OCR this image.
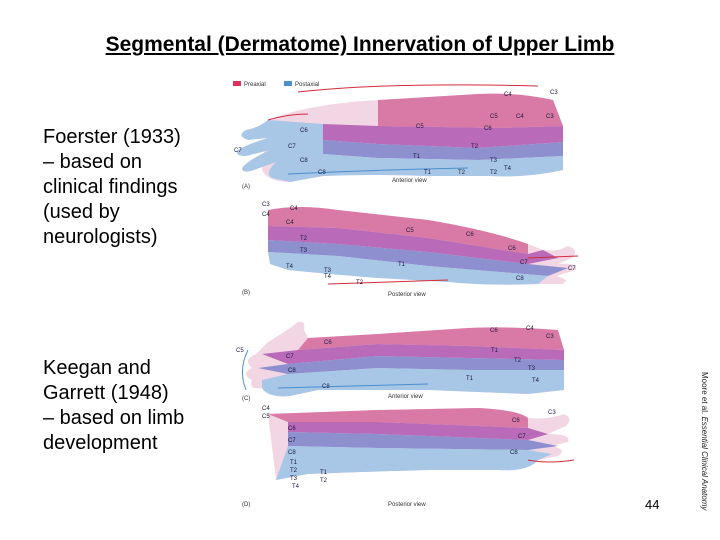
Segmental (Dermatome) Innervation of Upper Limb
Foerster (1933)
– based on
clinical findings
(used by
neurologists)
Keegan and
Garrett (1948)
– based on limb
development
44
Moore et al. Essential Clinical Anatomy
Preaxial	Postaxial
C6
C7
C8
C8
C5
T1
T2
T3
T4
T2
C5	C4	C3
C4	C3
C7
T1	T2
C6
Anterior view
(A)
C3
C4
C4
C4
C5
C6
C6
C7
C7
T2
T3
T4	T1
T2
C8
T3
T4
Posterior view
(B)
C5
C7
C8
C6
C6	C4
C3
T1
T2
T3
T4
T1
C8
Anterior view
(C)
C4
C5
C6
C7
C8
T1
T2
T3
T4
T1
T2
C6
C7
C8
C3
Posterior view
(D)
